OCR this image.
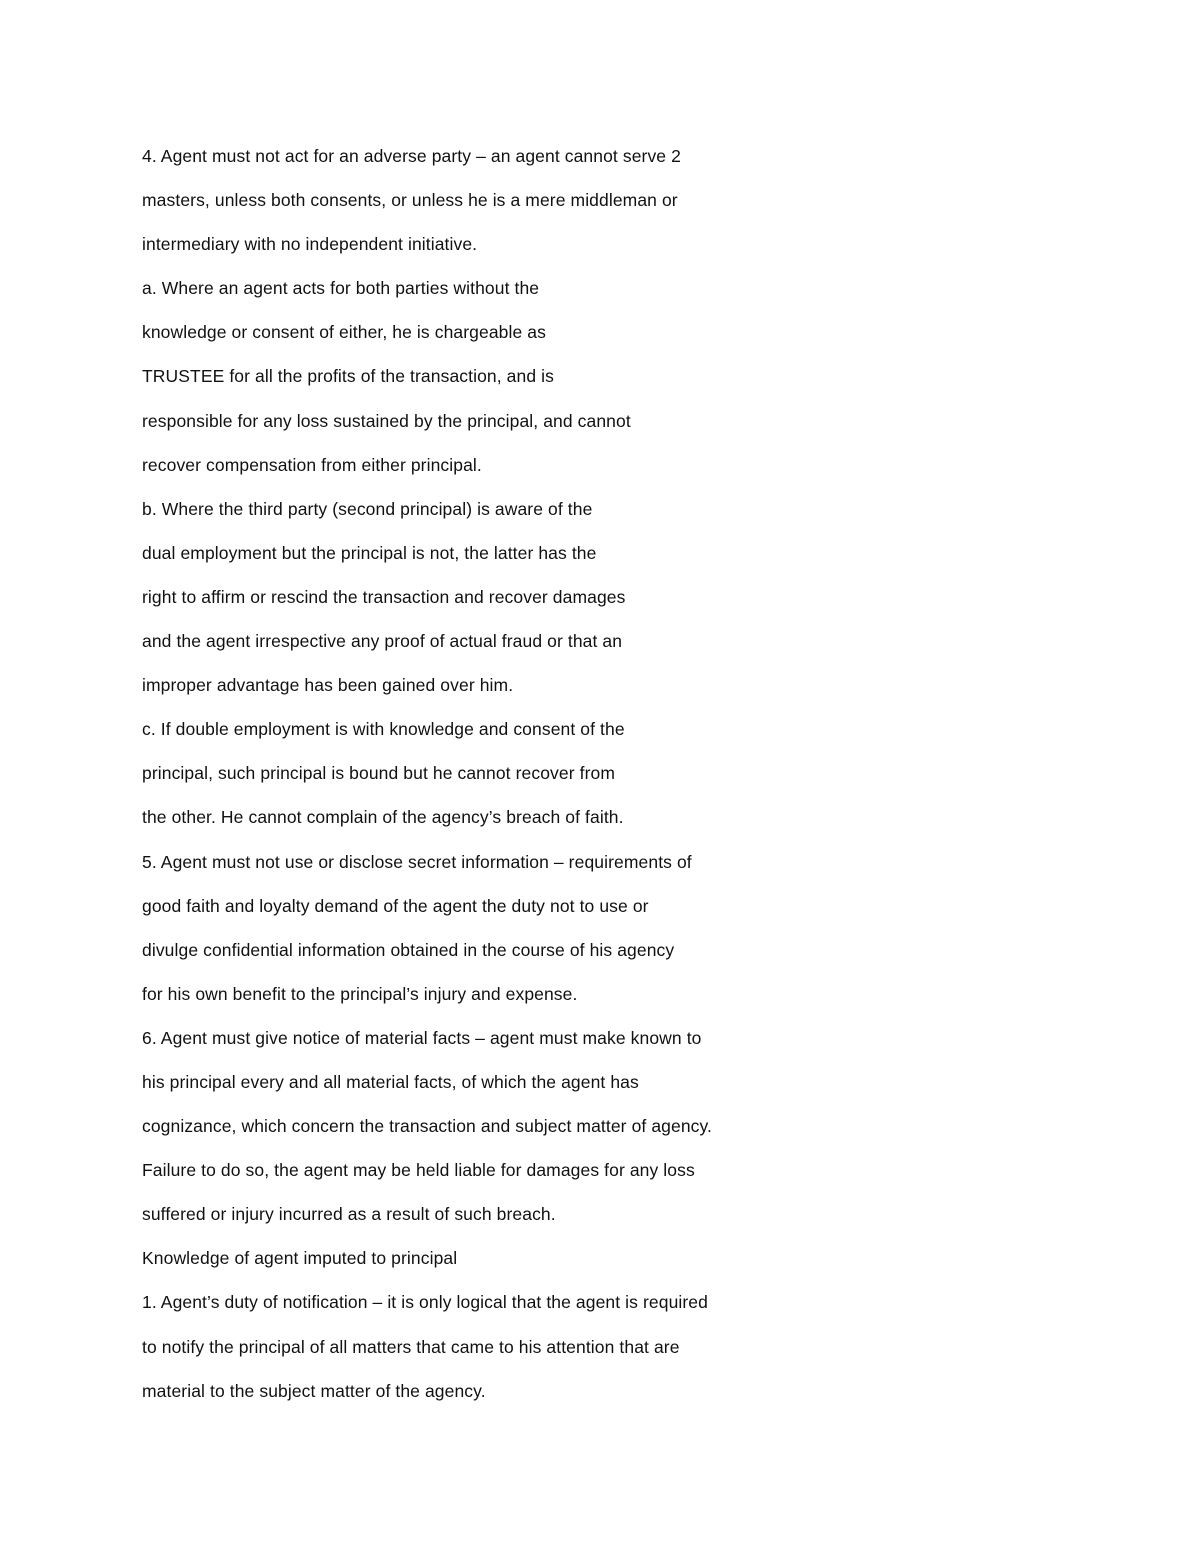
4. Agent must not act for an adverse party – an agent cannot serve 2
masters, unless both consents, or unless he is a mere middleman or
intermediary with no independent initiative.
a. Where an agent acts for both parties without the
knowledge or consent of either, he is chargeable as
TRUSTEE for all the profits of the transaction, and is
responsible for any loss sustained by the principal, and cannot
recover compensation from either principal.
b. Where the third party (second principal) is aware of the
dual employment but the principal is not, the latter has the
right to affirm or rescind the transaction and recover damages
and the agent irrespective any proof of actual fraud or that an
improper advantage has been gained over him.
c. If double employment is with knowledge and consent of the
principal, such principal is bound but he cannot recover from
the other. He cannot complain of the agency’s breach of faith.
5. Agent must not use or disclose secret information – requirements of
good faith and loyalty demand of the agent the duty not to use or
divulge confidential information obtained in the course of his agency
for his own benefit to the principal’s injury and expense.
6. Agent must give notice of material facts – agent must make known to
his principal every and all material facts, of which the agent has
cognizance, which concern the transaction and subject matter of agency.
Failure to do so, the agent may be held liable for damages for any loss
suffered or injury incurred as a result of such breach.
Knowledge of agent imputed to principal
1. Agent’s duty of notification – it is only logical that the agent is required
to notify the principal of all matters that came to his attention that are
material to the subject matter of the agency.
